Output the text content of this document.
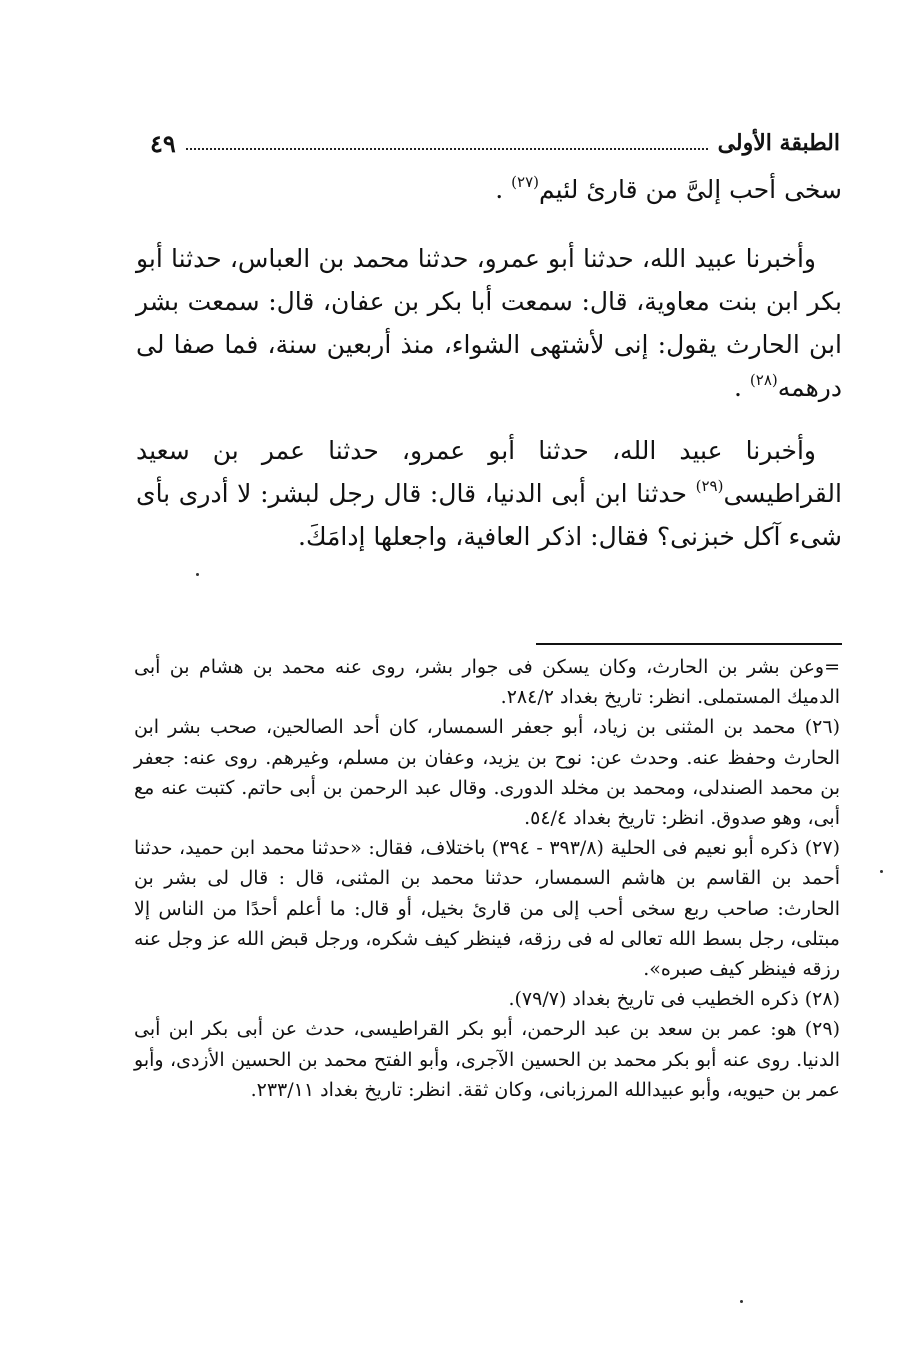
الطبقة الأولى
٤٩

سخى أحب إلىَّ من قارئ لئيم$^{(٢٧)}$ .

وأخبرنا عبيد الله، حدثنا أبو عمرو، حدثنا محمد بن العباس، حدثنا أبو بكر ابن بنت معاوية، قال: سمعت أبا بكر بن عفان، قال: سمعت بشر ابن الحارث يقول: إنى لأشتهى الشواء، منذ أربعين سنة، فما صفا لى درهمه$^{(٢٨)}$ .

وأخبرنا عبيد الله، حدثنا أبو عمرو، حدثنا عمر بن سعيد القراطيسى$^{(٢٩)}$ حدثنا ابن أبى الدنيا، قال: قال رجل لبشر: لا أدرى بأى شىء آكل خبزنى؟ فقال: اذكر العافية، واجعلها إدامَكَ.

=وعن بشر بن الحارث، وكان يسكن فى جوار بشر، روى عنه محمد بن هشام بن أبى الدميك المستملى. انظر: تاريخ بغداد ٢٨٤/٢.

(٢٦) محمد بن المثنى بن زياد، أبو جعفر السمسار، كان أحد الصالحين، صحب بشر ابن الحارث وحفظ عنه. وحدث عن: نوح بن يزيد، وعفان بن مسلم، وغيرهم. روى عنه: جعفر بن محمد الصندلى، ومحمد بن مخلد الدورى. وقال عبد الرحمن بن أبى حاتم. كتبت عنه مع أبى، وهو صدوق. انظر: تاريخ بغداد ٥٤/٤.

(٢٧) ذكره أبو نعيم فى الحلية (٣٩٣/٨ - ٣٩٤) باختلاف، فقال: «حدثنا محمد ابن حميد، حدثنا أحمد بن القاسم بن هاشم السمسار، حدثنا محمد بن المثنى، قال : قال لى بشر بن الحارث: صاحب ربع سخى أحب إلى من قارئ بخيل، أو قال: ما أعلم أحدًا من الناس إلا مبتلى، رجل بسط الله تعالى له فى رزقه، فينظر كيف شكره، ورجل قبض الله عز وجل عنه رزقه فينظر كيف صبره».

(٢٨) ذكره الخطيب فى تاريخ بغداد (٧٩/٧).

(٢٩) هو: عمر بن سعد بن عبد الرحمن، أبو بكر القراطيسى، حدث عن أبى بكر ابن أبى الدنيا. روى عنه أبو بكر محمد بن الحسين الآجرى، وأبو الفتح محمد بن الحسين الأزدى، وأبو عمر بن حيويه، وأبو عبيدالله المرزبانى، وكان ثقة. انظر: تاريخ بغداد ٢٣٣/١١.
